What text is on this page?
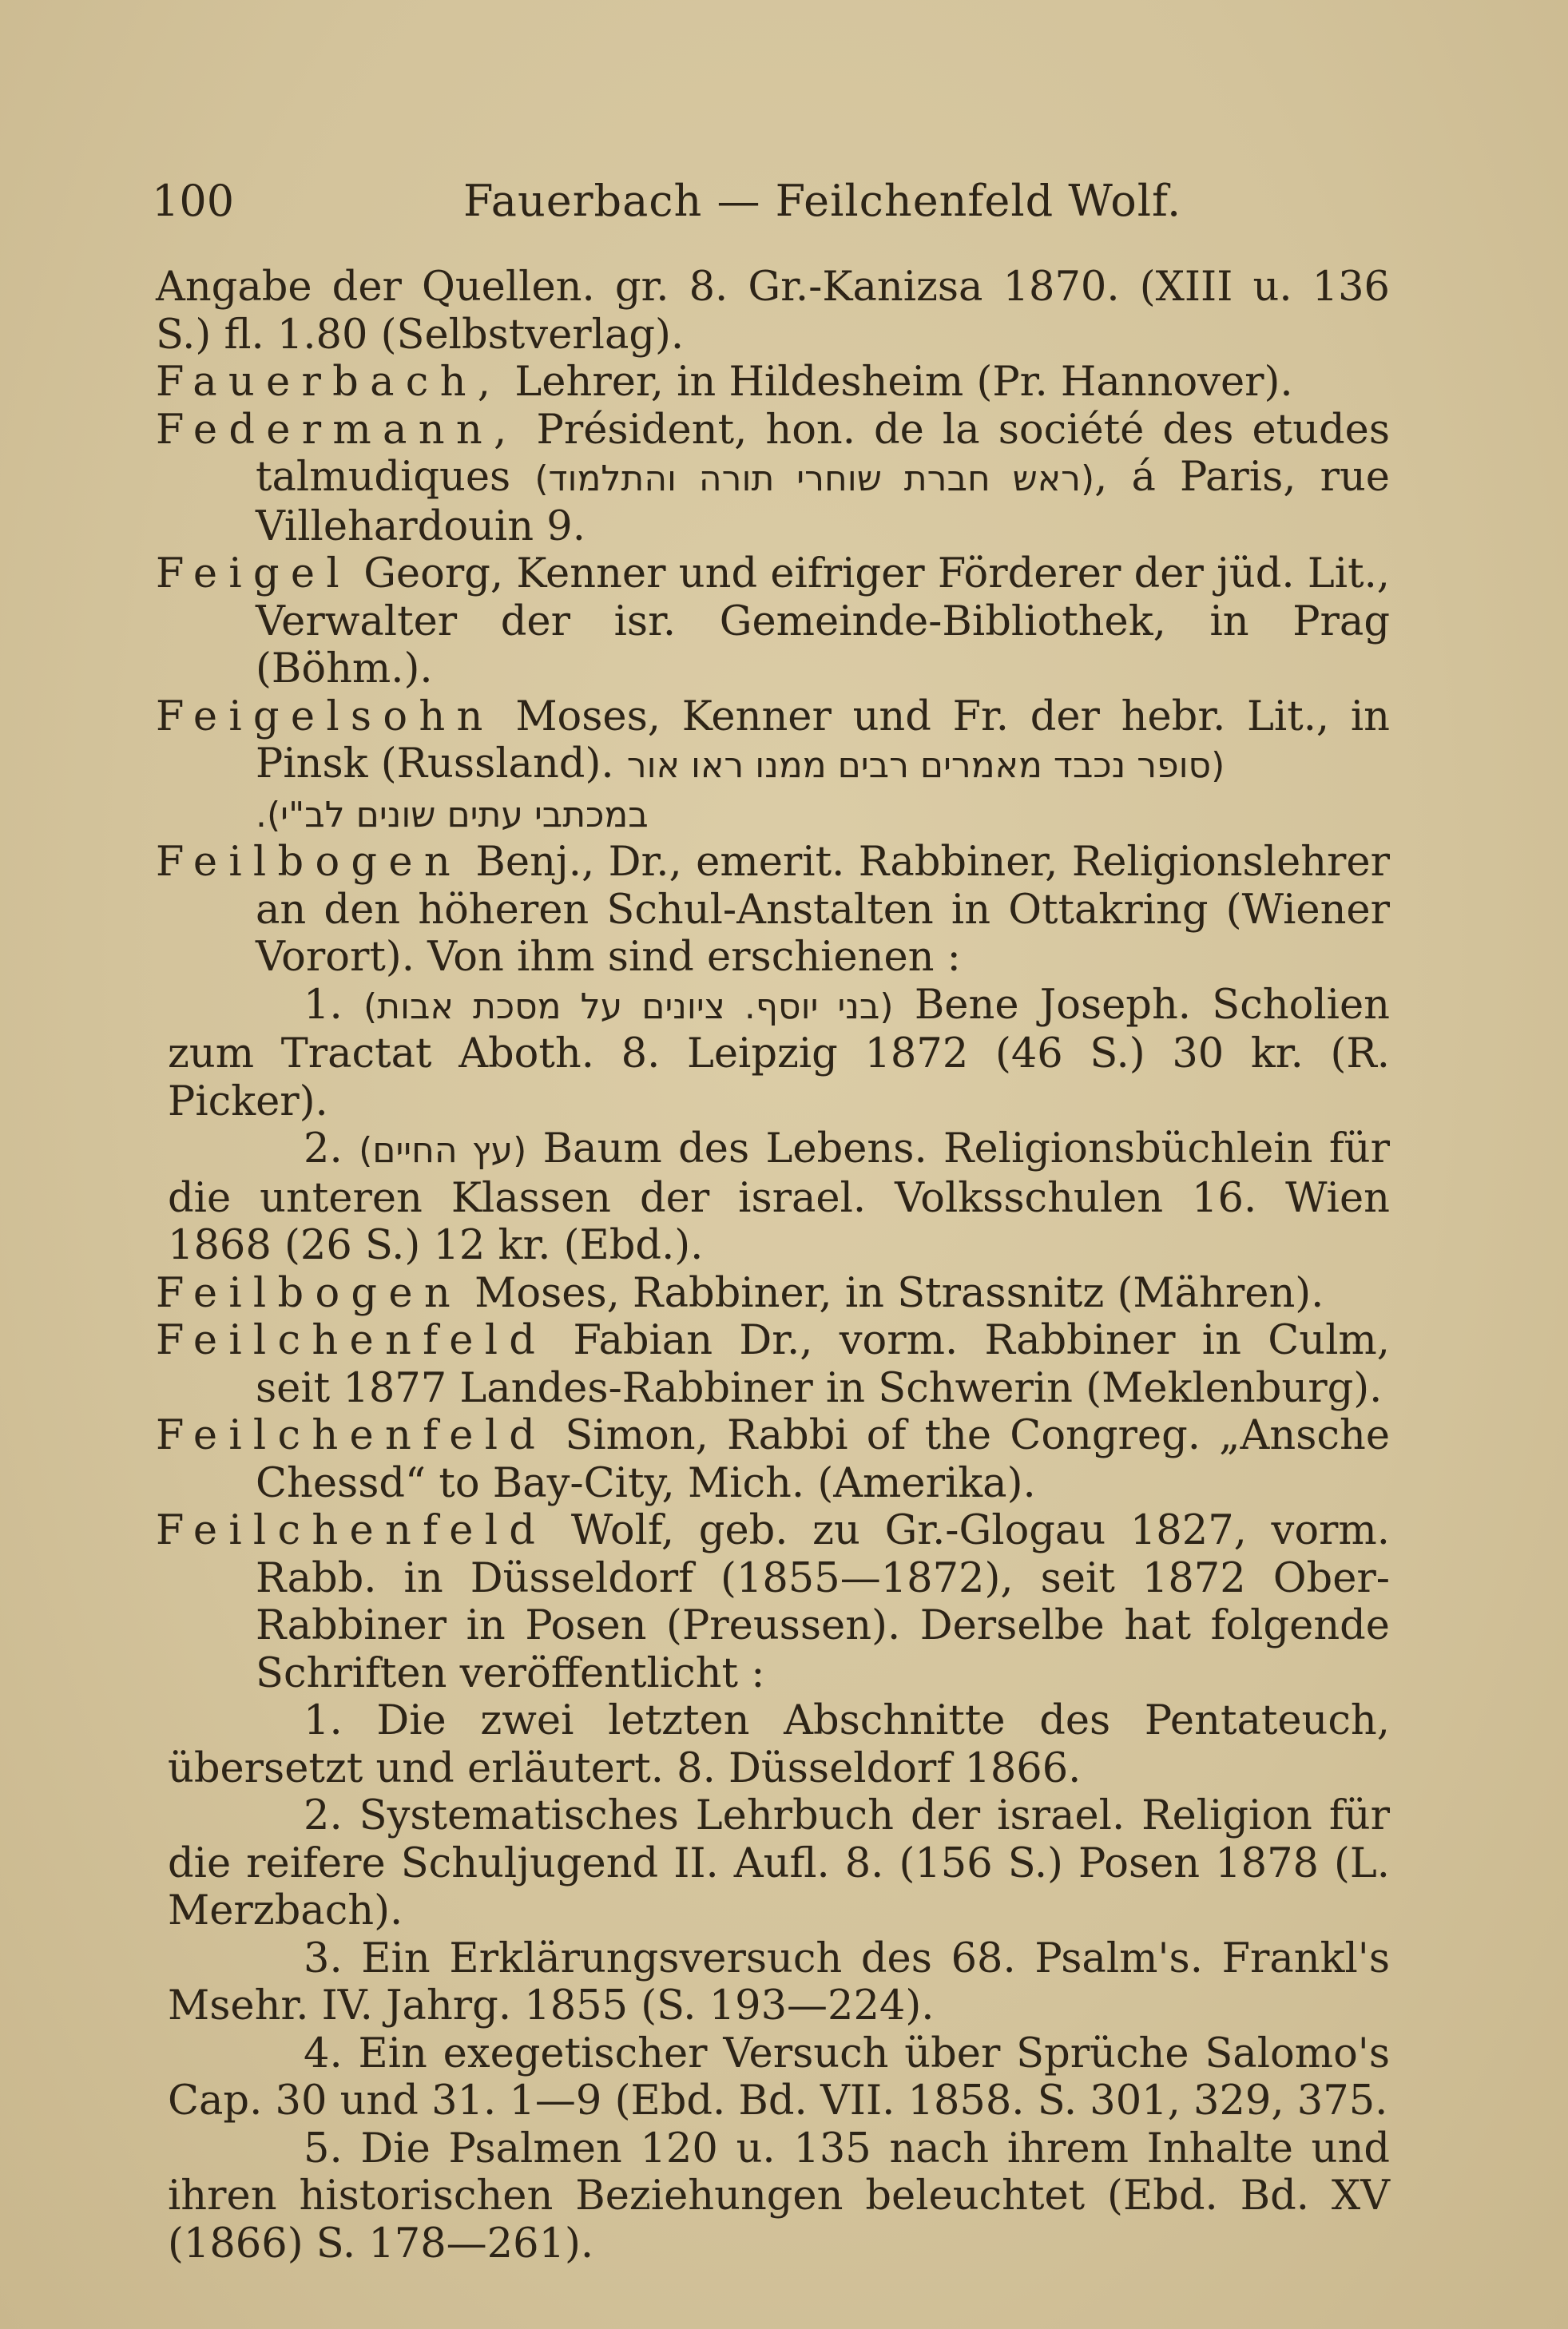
100	Fauerbach — Feilchenfeld Wolf.

Angabe der Quellen. gr. 8. Gr.-Kanizsa 1870. (XIII u. 136 S.) fl. 1.80 (Selbstverlag).

Fauerbach, Lehrer, in Hildesheim (Pr. Hannover).

Federmann, Président, hon. de la société des etudes talmudiques (ראש חברת שוחרי תורה והתלמוד), á Paris, rue Villehardouin 9.

Feigel Georg, Kenner und eifriger Förderer der jüd. Lit., Verwalter der isr. Gemeinde-Bibliothek, in Prag (Böhm.).

Feigelsohn Moses, Kenner und Fr. der hebr. Lit., in Pinsk (Russland). (סופר נכבד מאמרים רבים ממנו ראו אור
במכתבי עתים שונים לב"י).

Feilbogen Benj., Dr., emerit. Rabbiner, Religionslehrer an den höheren Schul-Anstalten in Ottakring (Wiener Vorort). Von ihm sind erschienen :

1. (בני יוסף. ציונים על מסכת אבות) Bene Joseph. Scholien zum Tractat Aboth. 8. Leipzig 1872 (46 S.) 30 kr. (R. Picker).

2. (עץ החיים) Baum des Lebens. Religionsbüchlein für die unteren Klassen der israel. Volksschulen 16. Wien 1868 (26 S.) 12 kr. (Ebd.).

Feilbogen Moses, Rabbiner, in Strassnitz (Mähren).

Feilchenfeld Fabian Dr., vorm. Rabbiner in Culm, seit 1877 Landes-Rabbiner in Schwerin (Meklenburg).

Feilchenfeld Simon, Rabbi of the Congreg. „Ansche Chessd“ to Bay-City, Mich. (Amerika).

Feilchenfeld Wolf, geb. zu Gr.-Glogau 1827, vorm. Rabb. in Düsseldorf (1855—1872), seit 1872 Ober-Rabbiner in Posen (Preussen). Derselbe hat folgende Schriften veröffentlicht :

1. Die zwei letzten Abschnitte des Pentateuch, übersetzt und erläutert. 8. Düsseldorf 1866.

2. Systematisches Lehrbuch der israel. Religion für die reifere Schuljugend II. Aufl. 8. (156 S.) Posen 1878 (L. Merzbach).

3. Ein Erklärungsversuch des 68. Psalm's. Frankl's Msehr. IV. Jahrg. 1855 (S. 193—224).

4. Ein exegetischer Versuch über Sprüche Salomo's Cap. 30 und 31. 1—9 (Ebd. Bd. VII. 1858. S. 301, 329, 375.

5. Die Psalmen 120 u. 135 nach ihrem Inhalte und ihren historischen Beziehungen beleuchtet (Ebd. Bd. XV (1866) S. 178—261).
